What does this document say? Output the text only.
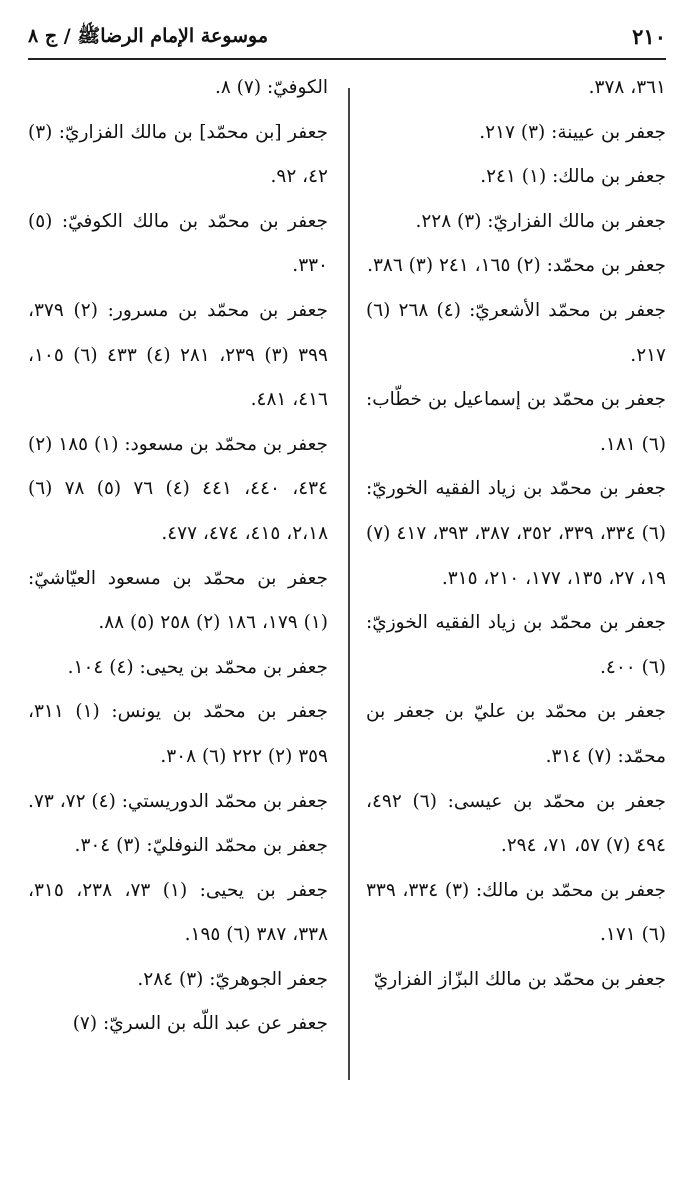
٢١٠
موسوعة الإمام الرضاﷺ / ج ٨

٣٦١، ٣٧٨.

جعفر بن عيينة: (٣) ٢١٧.

جعفر بن مالك: (١) ٢٤١.

جعفر بن مالك الفزاريّ: (٣) ٢٢٨.

جعفر بن محمّد: (٢) ١٦٥، ٢٤١ (٣) ٣٨٦.

جعفر بن محمّد الأشعريّ: (٤) ٢٦٨ (٦) ٢١٧.

جعفر بن محمّد بن إسماعيل بن خطّاب: (٦) ١٨١.

جعفر بن محمّد بن زياد الفقيه الخوريّ: (٦) ٣٣٤، ٣٣٩، ٣٥٢، ٣٨٧، ٣٩٣، ٤١٧ (٧) ١٩، ٢٧، ١٣٥، ١٧٧، ٢١٠، ٣١٥.

جعفر بن محمّد بن زياد الفقيه الخوزيّ: (٦) ٤٠٠.

جعفر بن محمّد بن عليّ بن جعفر بن محمّد: (٧) ٣١٤.

جعفر بن محمّد بن عيسى: (٦) ٤٩٢، ٤٩٤ (٧) ٥٧، ٧١، ٢٩٤.

جعفر بن محمّد بن مالك: (٣) ٣٣٤، ٣٣٩ (٦) ١٧١.

جعفر بن محمّد بن مالك البزّاز الفزاريّ

الكوفيّ: (٧) ٨.

جعفر [بن محمّد] بن مالك الفزاريّ: (٣) ٤٢، ٩٢.

جعفر بن محمّد بن مالك الكوفيّ: (٥) ٣٣٠.

جعفر بن محمّد بن مسرور: (٢) ٣٧٩، ٣٩٩ (٣) ٢٣٩، ٢٨١ (٤) ٤٣٣ (٦) ١٠٥، ٤١٦، ٤٨١.

جعفر بن محمّد بن مسعود: (١) ١٨٥ (٢) ٤٣٤، ٤٤٠، ٤٤١ (٤) ٧٦ (٥) ٧٨ (٦) ٢،١٨، ٤١٥، ٤٧٤، ٤٧٧.

جعفر بن محمّد بن مسعود العيّاشيّ: (١) ١٧٩، ١٨٦ (٢) ٢٥٨ (٥) ٨٨.

جعفر بن محمّد بن يحيى: (٤) ١٠٤.

جعفر بن محمّد بن يونس: (١) ٣١١، ٣٥٩ (٢) ٢٢٢ (٦) ٣٠٨.

جعفر بن محمّد الدوريستي: (٤) ٧٢، ٧٣.

جعفر بن محمّد النوفليّ: (٣) ٣٠٤.

جعفر بن يحيى: (١) ٧٣، ٢٣٨، ٣١٥، ٣٣٨، ٣٨٧ (٦) ١٩٥.

جعفر الجوهريّ: (٣) ٢٨٤.

جعفر عن عبد اللّه بن السريّ: (٧)
